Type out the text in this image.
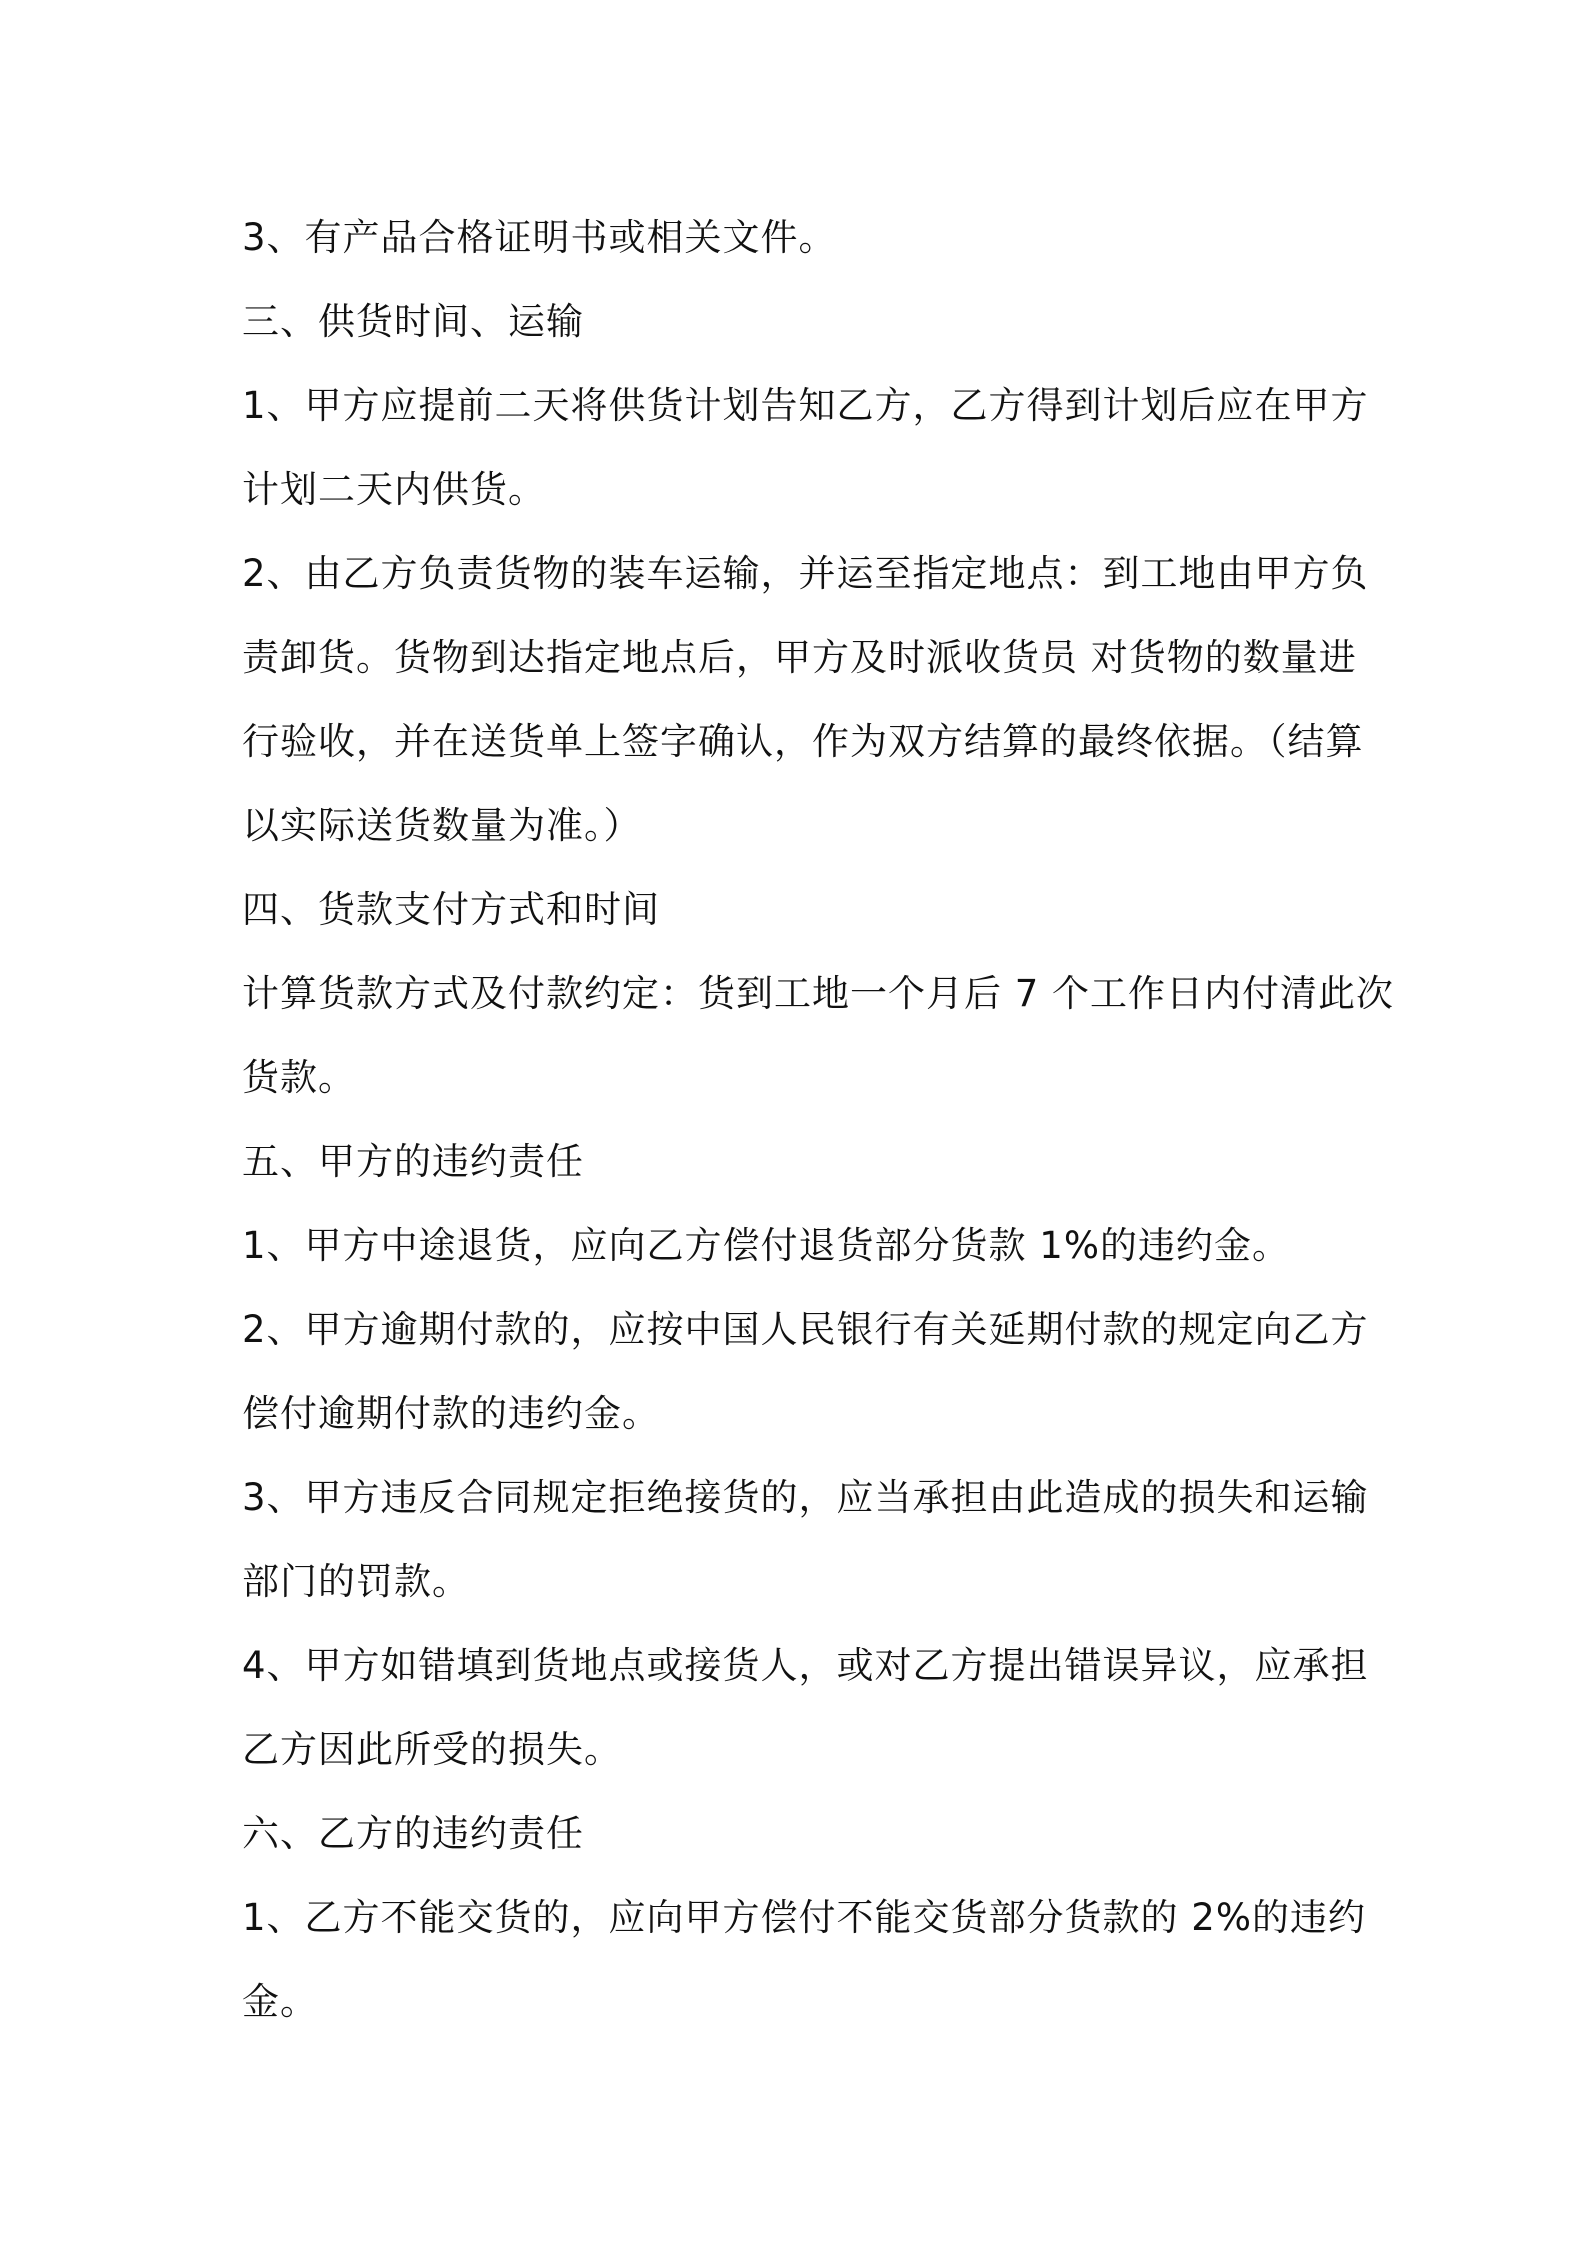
3、有产品合格证明书或相关文件。

三、供货时间、运输

1、甲方应提前二天将供货计划告知乙方，乙方得到计划后应在甲方

计划二天内供货。

2、由乙方负责货物的装车运输，并运至指定地点：到工地由甲方负

责卸货。货物到达指定地点后，甲方及时派收货员 对货物的数量进

行验收，并在送货单上签字确认，作为双方结算的最终依据。（结算

以实际送货数量为准。）

四、货款支付方式和时间

计算货款方式及付款约定：货到工地一个月后 7 个工作日内付清此次

货款。

五、甲方的违约责任

1、甲方中途退货，应向乙方偿付退货部分货款 1%的违约金。

2、甲方逾期付款的，应按中国人民银行有关延期付款的规定向乙方

偿付逾期付款的违约金。

3、甲方违反合同规定拒绝接货的，应当承担由此造成的损失和运输

部门的罚款。

4、甲方如错填到货地点或接货人，或对乙方提出错误异议，应承担

乙方因此所受的损失。

六、乙方的违约责任

1、乙方不能交货的，应向甲方偿付不能交货部分货款的 2%的违约

金。
